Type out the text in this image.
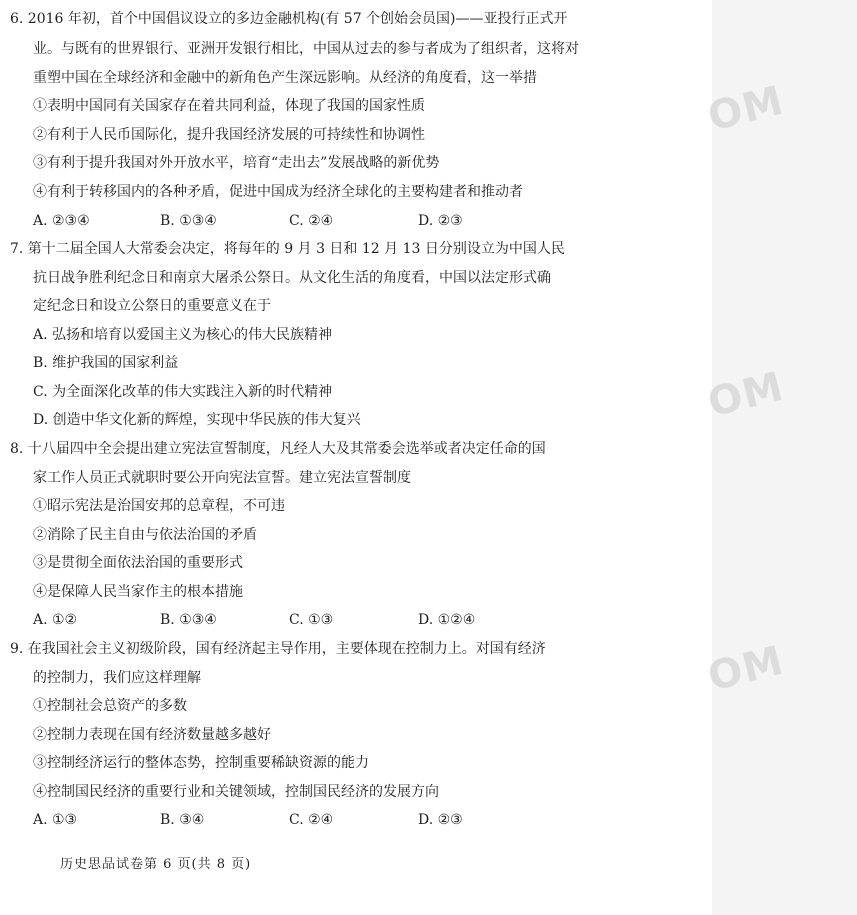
6. 2016 年初，首个中国倡议设立的多边金融机构(有 57 个创始会员国)——亚投行正式开
业。与既有的世界银行、亚洲开发银行相比，中国从过去的参与者成为了组织者，这将对
重塑中国在全球经济和金融中的新角色产生深远影响。从经济的角度看，这一举措
①表明中国同有关国家存在着共同利益，体现了我国的国家性质
②有利于人民币国际化，提升我国经济发展的可持续性和协调性
③有利于提升我国对外开放水平，培育“走出去”发展战略的新优势
④有利于转移国内的各种矛盾，促进中国成为经济全球化的主要构建者和推动者
A. ②③④	B. ①③④	C. ②④	D. ②③
7. 第十二届全国人大常委会决定，将每年的 9 月 3 日和 12 月 13 日分别设立为中国人民
抗日战争胜利纪念日和南京大屠杀公祭日。从文化生活的角度看，中国以法定形式确
定纪念日和设立公祭日的重要意义在于
A. 弘扬和培育以爱国主义为核心的伟大民族精神
B. 维护我国的国家利益
C. 为全面深化改革的伟大实践注入新的时代精神
D. 创造中华文化新的辉煌，实现中华民族的伟大复兴
8. 十八届四中全会提出建立宪法宣誓制度，凡经人大及其常委会选举或者决定任命的国
家工作人员正式就职时要公开向宪法宣誓。建立宪法宣誓制度
①昭示宪法是治国安邦的总章程，不可违
②消除了民主自由与依法治国的矛盾
③是贯彻全面依法治国的重要形式
④是保障人民当家作主的根本措施
A. ①②	B. ①③④	C. ①③	D. ①②④
9. 在我国社会主义初级阶段，国有经济起主导作用，主要体现在控制力上。对国有经济
的控制力，我们应这样理解
①控制社会总资产的多数
②控制力表现在国有经济数量越多越好
③控制经济运行的整体态势，控制重要稀缺资源的能力
④控制国民经济的重要行业和关键领域，控制国民经济的发展方向
A. ①③	B. ③④	C. ②④	D. ②③
历史思品试卷第 6 页(共 8 页)
OM
OM
OM
